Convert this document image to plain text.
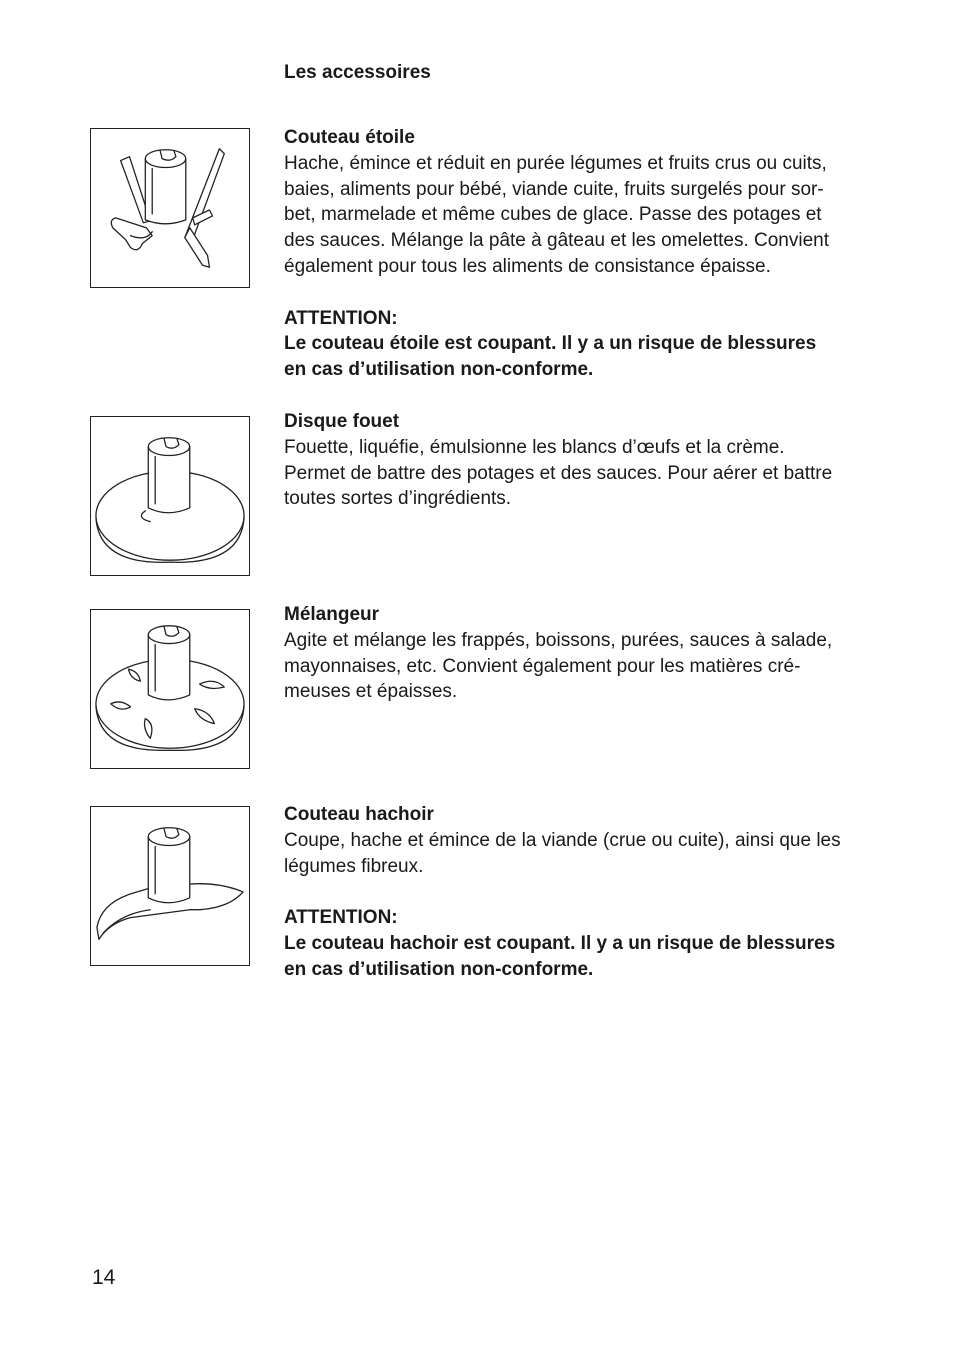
Les accessoires

Couteau étoile

Hache, émince et réduit en purée légumes et fruits crus ou cuits,

baies, aliments pour bébé, viande cuite, fruits surgelés pour sor-

bet, marmelade et même cubes de glace. Passe des potages et

des sauces. Mélange la pâte à gâteau et les omelettes. Convient

également pour tous les aliments de consistance épaisse.

ATTENTION:

Le couteau étoile est coupant. Il y a un risque de blessures

en cas d’utilisation non-conforme.

Disque fouet

Fouette, liquéfie, émulsionne les blancs d’œufs et la crème.

Permet de battre des potages et des sauces. Pour aérer et battre

toutes sortes d’ingrédients.

Mélangeur

Agite et mélange les frappés, boissons, purées, sauces à salade,

mayonnaises, etc. Convient également pour les matières cré-

meuses et épaisses.

Couteau hachoir

Coupe, hache et émince de la viande (crue ou cuite), ainsi que les

légumes fibreux.

ATTENTION:

Le couteau hachoir est coupant. Il y a un risque de blessures

en cas d’utilisation non-conforme.

14
